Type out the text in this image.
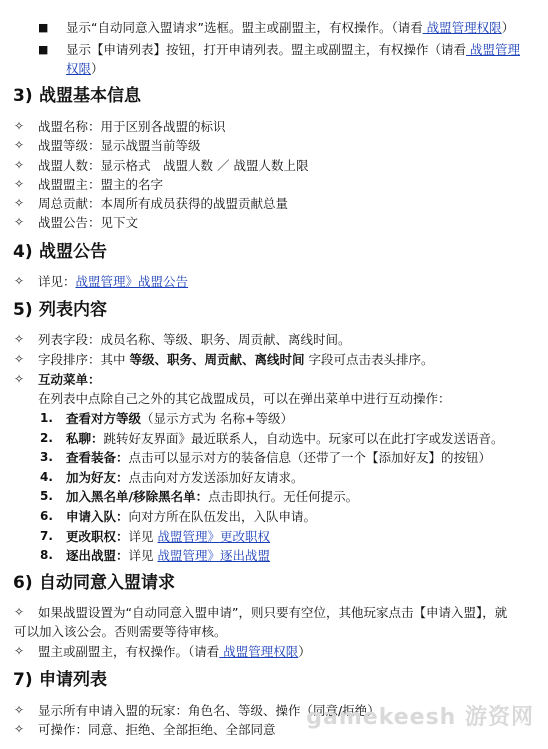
■ 显示“自动同意入盟请求”选框。盟主或副盟主，有权操作。（请看 战盟管理权限）
■ 显示【申请列表】按钮，打开申请列表。盟主或副盟主，有权操作（请看 战盟管理权限）
3) 战盟基本信息
✧ 战盟名称：用于区别各战盟的标识
✧ 战盟等级：显示战盟当前等级
✧ 战盟人数：显示格式　战盟人数 ／ 战盟人数上限
✧ 战盟盟主：盟主的名字
✧ 周总贡献：本周所有成员获得的战盟贡献总量
✧ 战盟公告：见下文
4) 战盟公告
✧ 详见：战盟管理》战盟公告
5) 列表内容
✧ 列表字段：成员名称、等级、职务、周贡献、离线时间。
✧ 字段排序：其中 等级、职务、周贡献、离线时间 字段可点击表头排序。
✧ 互动菜单：
在列表中点除自己之外的其它战盟成员，可以在弹出菜单中进行互动操作：
1. 查看对方等级（显示方式为 名称+等级）
2. 私聊：跳转好友界面》最近联系人，自动选中。玩家可以在此打字或发送语音。
3. 查看装备：点击可以显示对方的装备信息（还带了一个【添加好友】的按钮）
4. 加为好友：点击向对方发送添加好友请求。
5. 加入黑名单/移除黑名单：点击即执行。无任何提示。
6. 申请入队：向对方所在队伍发出，入队申请。
7. 更改职权：详见 战盟管理》更改职权
8. 逐出战盟：详见 战盟管理》逐出战盟
6) 自动同意入盟请求
✧ 如果战盟设置为“自动同意入盟申请”，则只要有空位，其他玩家点击【申请入盟】，就
可以加入该公会。否则需要等待审核。
✧ 盟主或副盟主，有权操作。（请看 战盟管理权限）
7) 申请列表
✧ 显示所有申请入盟的玩家：角色名、等级、操作（同意/拒绝）
✧ 可操作：同意、拒绝、全部拒绝、全部同意	gamekeesh 游资网
